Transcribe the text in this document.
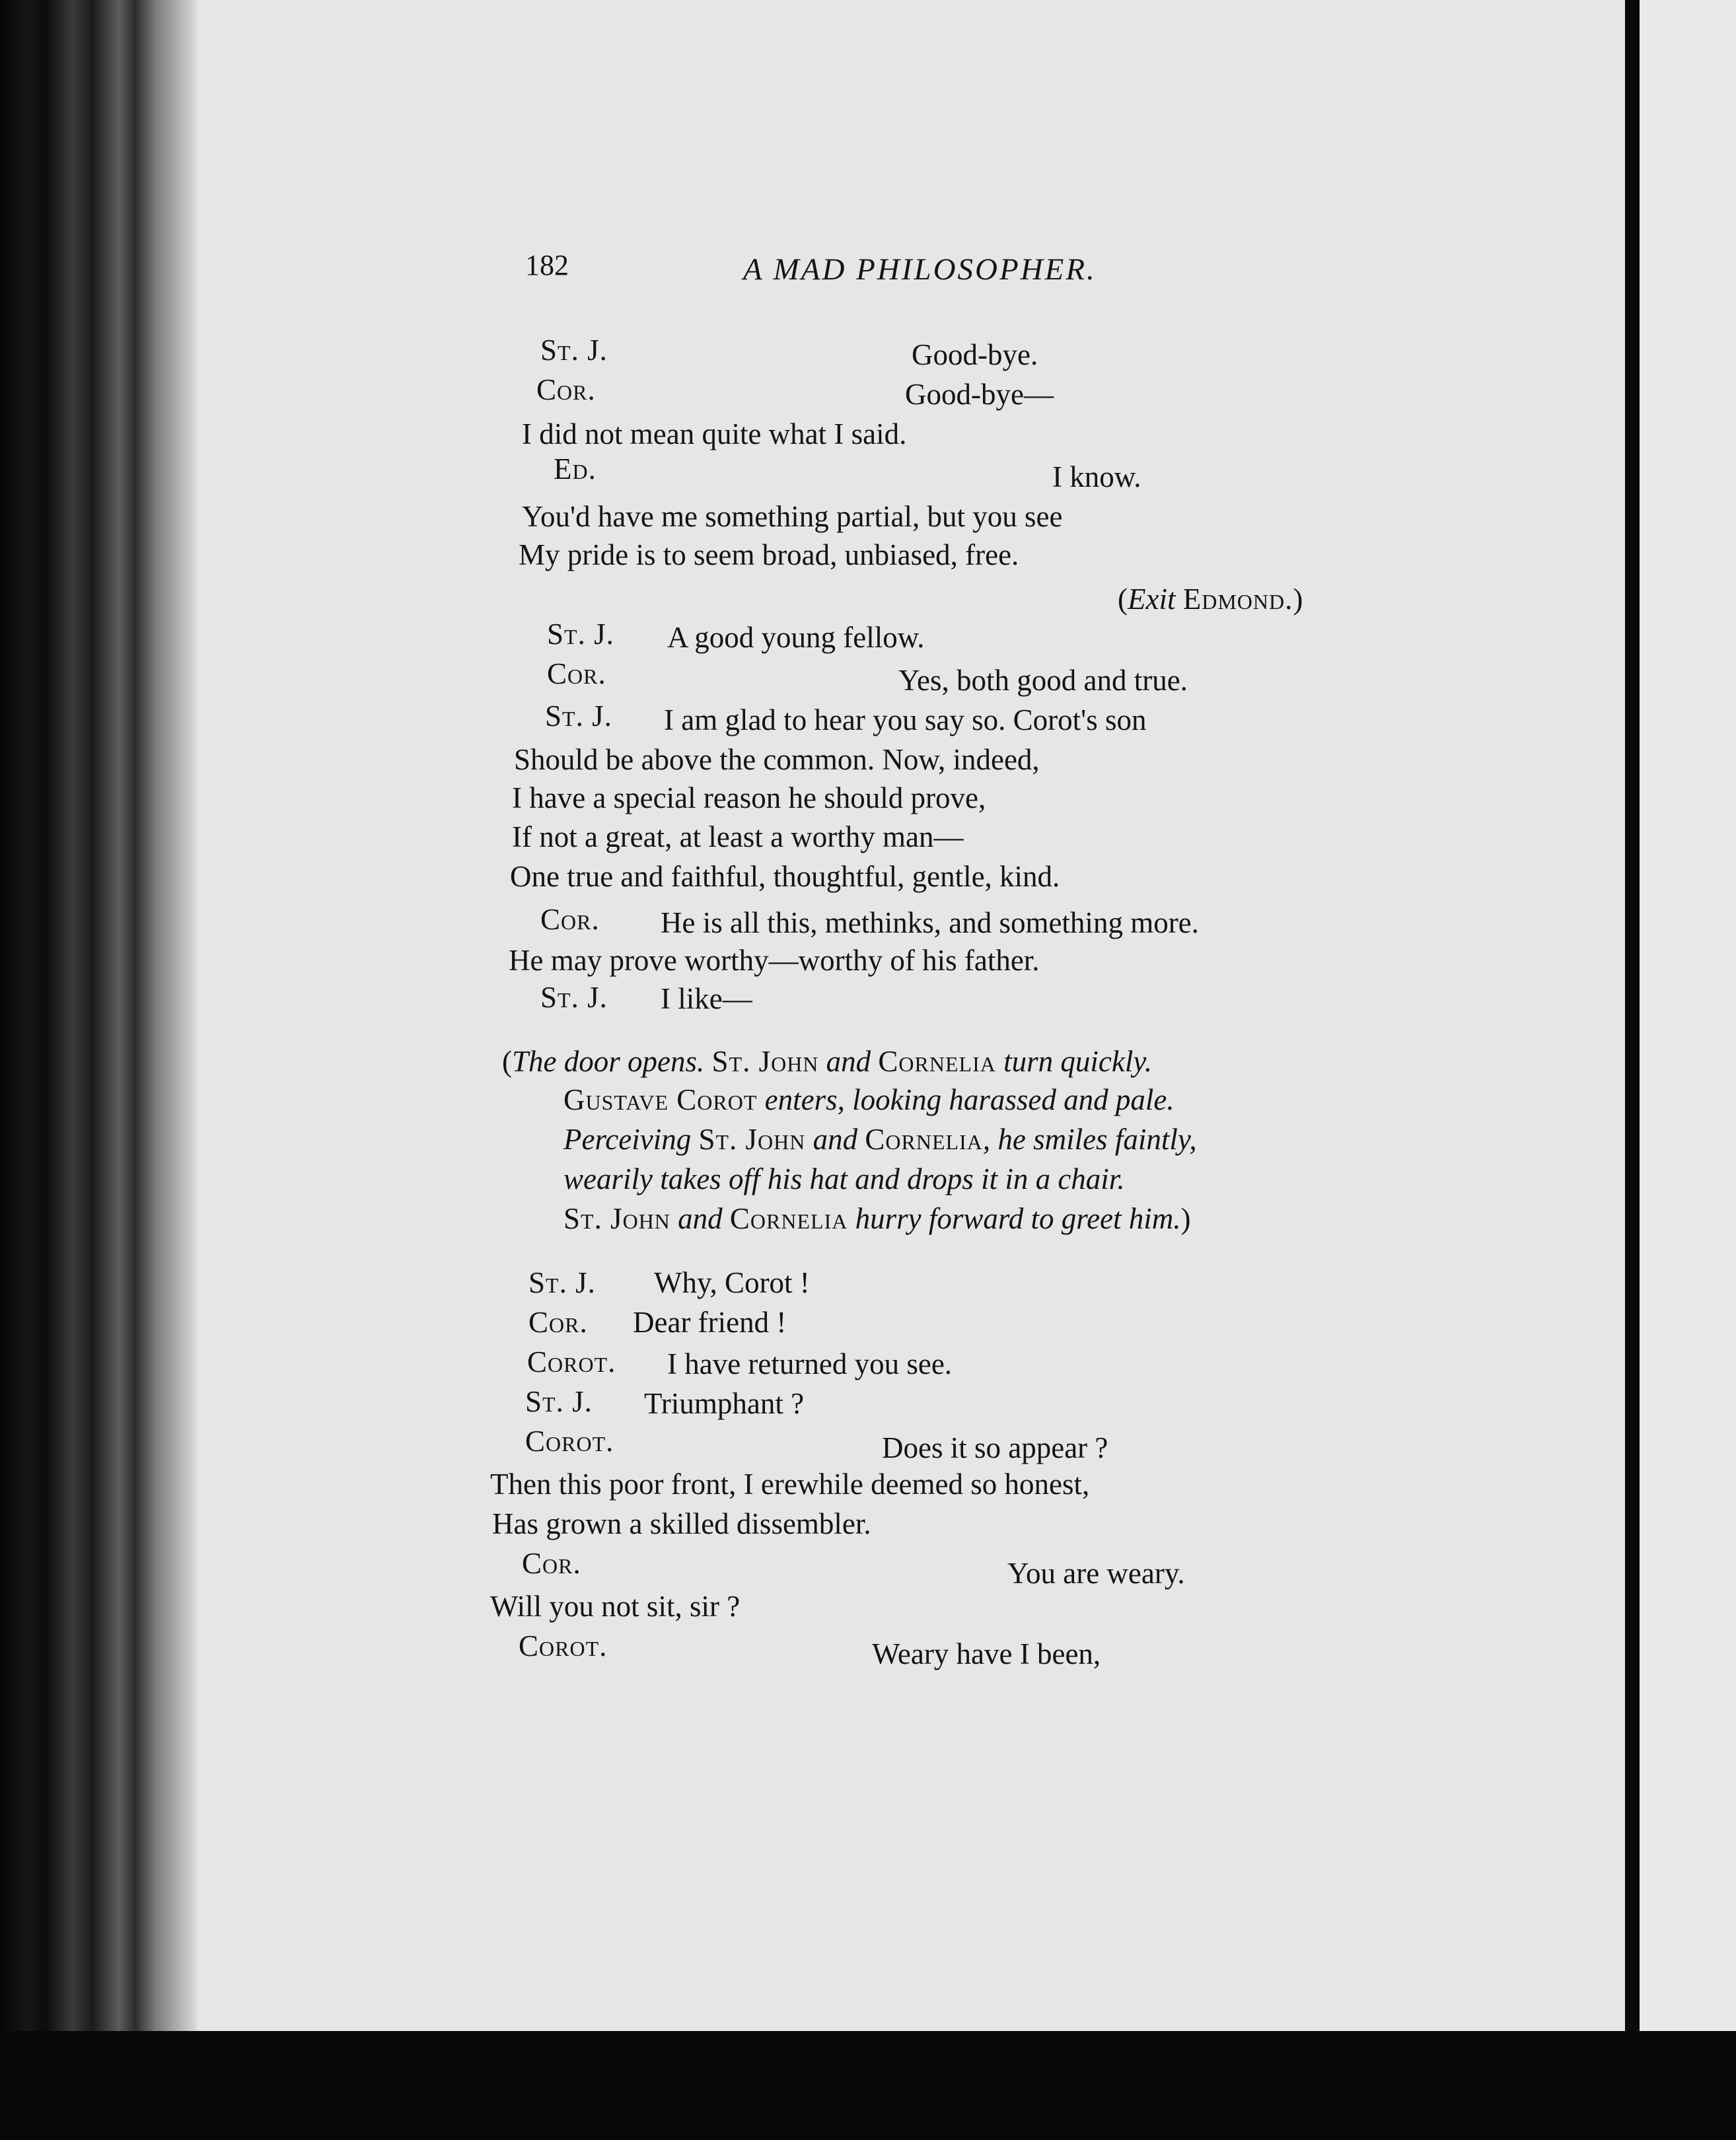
182	A MAD PHILOSOPHER.
St. J.	Good-bye.
Cor.	Good-bye—
I did not mean quite what I said.
Ed.	I know.
You'd have me something partial, but you see
My pride is to seem broad, unbiased, free.
(Exit Edmond.)
St. J. A good young fellow.
Cor.	Yes, both good and true.
St. J. I am glad to hear you say so. Corot's son
Should be above the common. Now, indeed,
I have a special reason he should prove,
If not a great, at least a worthy man—
One true and faithful, thoughtful, gentle, kind.
Cor. He is all this, methinks, and something more.
He may prove worthy—worthy of his father.
St. J. I like—
(The door opens. St. John and Cornelia turn quickly.
Gustave Corot enters, looking harassed and pale.
Perceiving St. John and Cornelia, he smiles faintly,
wearily takes off his hat and drops it in a chair.
St. John and Cornelia hurry forward to greet him.)
St. J. Why, Corot !
Cor. Dear friend !
Corot. I have returned you see.
St. J. Triumphant ?
Corot.	Does it so appear ?
Then this poor front, I erewhile deemed so honest,
Has grown a skilled dissembler.
Cor.	You are weary.
Will you not sit, sir ?
Corot.	Weary have I been,
